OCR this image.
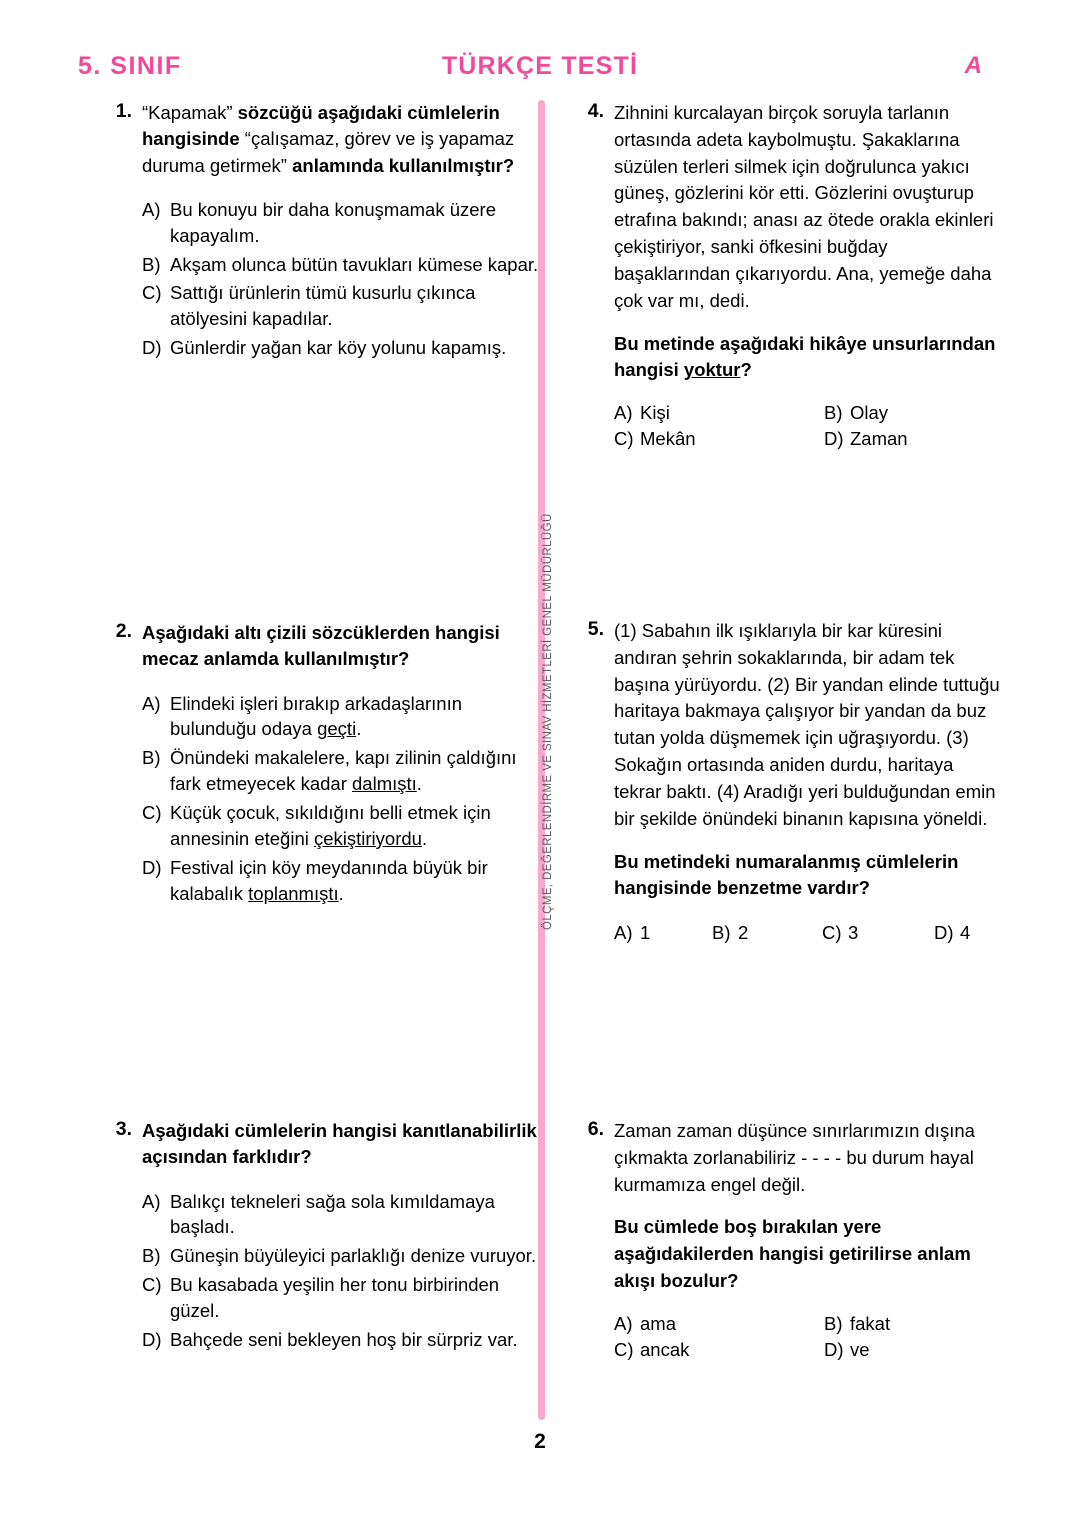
5. SINIF	TÜRKÇE TESTİ	A
ÖLÇME, DEĞERLENDİRME VE SINAV HİZMETLERİ GENEL MÜDÜRLÜĞÜ
1. “Kapamak” sözcüğü aşağıdaki cümlelerin hangisinde “çalışamaz, görev ve iş yapamaz duruma getirmek” anlamında kullanılmıştır?
A) Bu konuyu bir daha konuşmamak üzere kapayalım.
B) Akşam olunca bütün tavukları kümese kapar.
C) Sattığı ürünlerin tümü kusurlu çıkınca atölyesini kapadılar.
D) Günlerdir yağan kar köy yolunu kapamış.
2. Aşağıdaki altı çizili sözcüklerden hangisi mecaz anlamda kullanılmıştır?
A) Elindeki işleri bırakıp arkadaşlarının bulunduğu odaya geçti.
B) Önündeki makalelere, kapı zilinin çaldığını fark etmeyecek kadar dalmıştı.
C) Küçük çocuk, sıkıldığını belli etmek için annesinin eteğini çekiştiriyordu.
D) Festival için köy meydanında büyük bir kalabalık toplanmıştı.
3. Aşağıdaki cümlelerin hangisi kanıtlanabilirlik açısından farklıdır?
A) Balıkçı tekneleri sağa sola kımıldamaya başladı.
B) Güneşin büyüleyici parlaklığı denize vuruyor.
C) Bu kasabada yeşilin her tonu birbirinden güzel.
D) Bahçede seni bekleyen hoş bir sürpriz var.
4. Zihnini kurcalayan birçok soruyla tarlanın ortasında adeta kaybolmuştu. Şakaklarına süzülen terleri silmek için doğrulunca yakıcı güneş, gözlerini kör etti. Gözlerini ovuşturup etrafına bakındı; anası az ötede orakla ekinleri çekiştiriyor, sanki öfkesini buğday başaklarından çıkarıyordu. Ana, yemeğe daha çok var mı, dedi.
Bu metinde aşağıdaki hikâye unsurlarından hangisi yoktur?
A) Kişi	B) Olay
C) Mekân	D) Zaman
5. (1) Sabahın ilk ışıklarıyla bir kar küresini andıran şehrin sokaklarında, bir adam tek başına yürüyordu. (2) Bir yandan elinde tuttuğu haritaya bakmaya çalışıyor bir yandan da buz tutan yolda düşmemek için uğraşıyordu. (3) Sokağın ortasında aniden durdu, haritaya tekrar baktı. (4) Aradığı yeri bulduğundan emin bir şekilde önündeki binanın kapısına yöneldi.
Bu metindeki numaralanmış cümlelerin hangisinde benzetme vardır?
A) 1	B) 2	C) 3	D) 4
6. Zaman zaman düşünce sınırlarımızın dışına çıkmakta zorlanabiliriz - - - - bu durum hayal kurmamıza engel değil.
Bu cümlede boş bırakılan yere aşağıdakilerden hangisi getirilirse anlam akışı bozulur?
A) ama	B) fakat
C) ancak	D) ve
2
